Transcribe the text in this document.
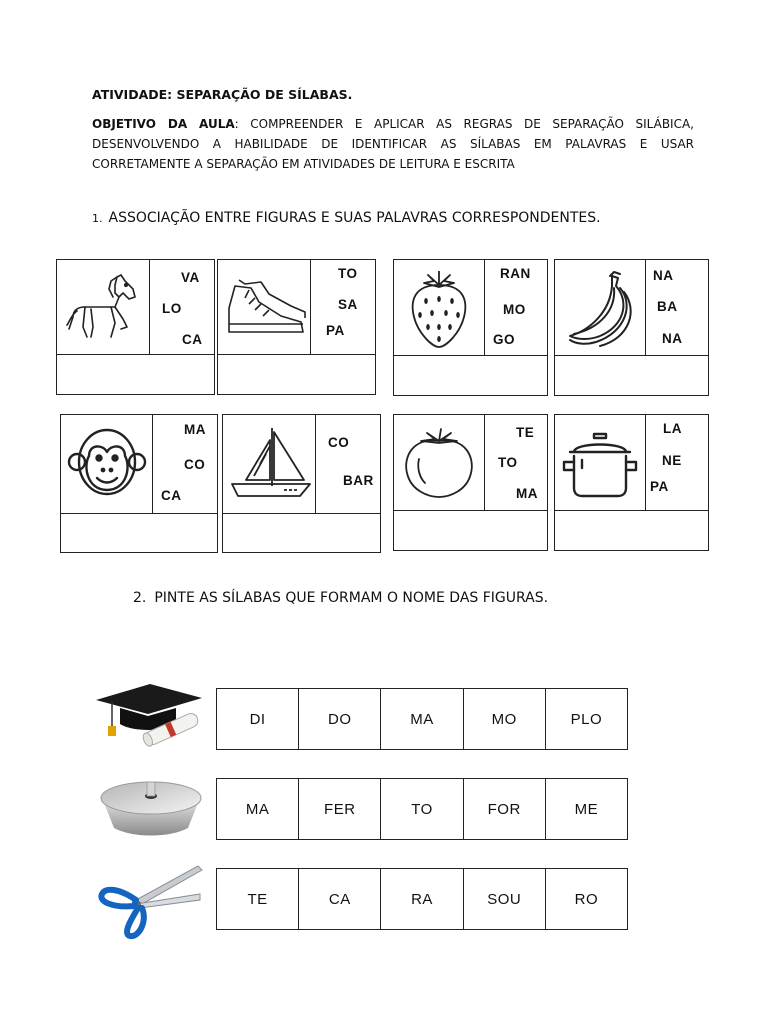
ATIVIDADE: SEPARAÇÃO DE SÍLABAS.
OBJETIVO DA AULA: COMPREENDER E APLICAR AS REGRAS DE SEPARAÇÃO SILÁBICA, DESENVOLVENDO A HABILIDADE DE IDENTIFICAR AS SÍLABAS EM PALAVRAS E USAR CORRETAMENTE A SEPARAÇÃO EM ATIVIDADES DE LEITURA E ESCRITA
1. ASSOCIAÇÃO ENTRE FIGURAS E SUAS PALAVRAS CORRESPONDENTES.
VA
LO
CA
TO
SA
PA
RAN
MO
GO
NA
BA
NA
MA
CO
CA
CO
BAR
TE
TO
MA
LA
NE
PA
2. PINTE AS SÍLABAS QUE FORMAM O NOME DAS FIGURAS.
DI	DO	MA	MO	PLO
MA	FER	TO	FOR	ME
TE	CA	RA	SOU	RO
